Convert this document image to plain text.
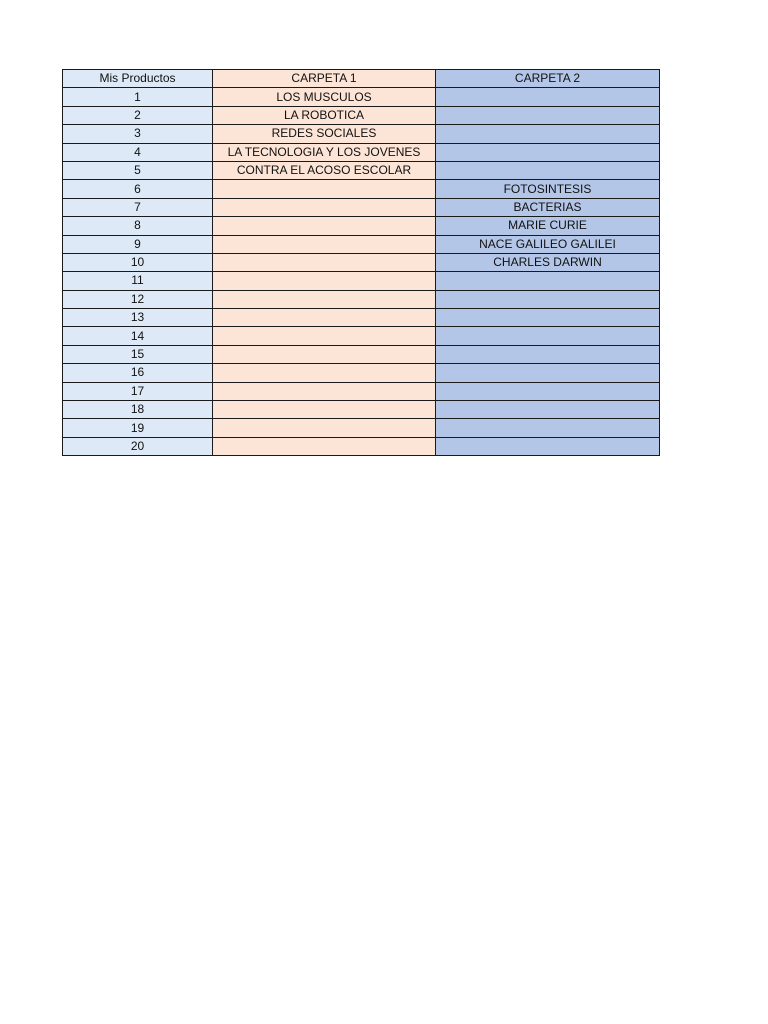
Mis Productos	CARPETA 1	CARPETA 2
1	LOS MUSCULOS	
2	LA ROBOTICA	
3	REDES SOCIALES	
4	LA TECNOLOGIA Y LOS JOVENES	
5	CONTRA EL ACOSO ESCOLAR	
6		FOTOSINTESIS
7		BACTERIAS
8		MARIE CURIE
9		NACE GALILEO GALILEI
10		CHARLES DARWIN
11		
12		
13		
14		
15		
16		
17		
18		
19		
20		
